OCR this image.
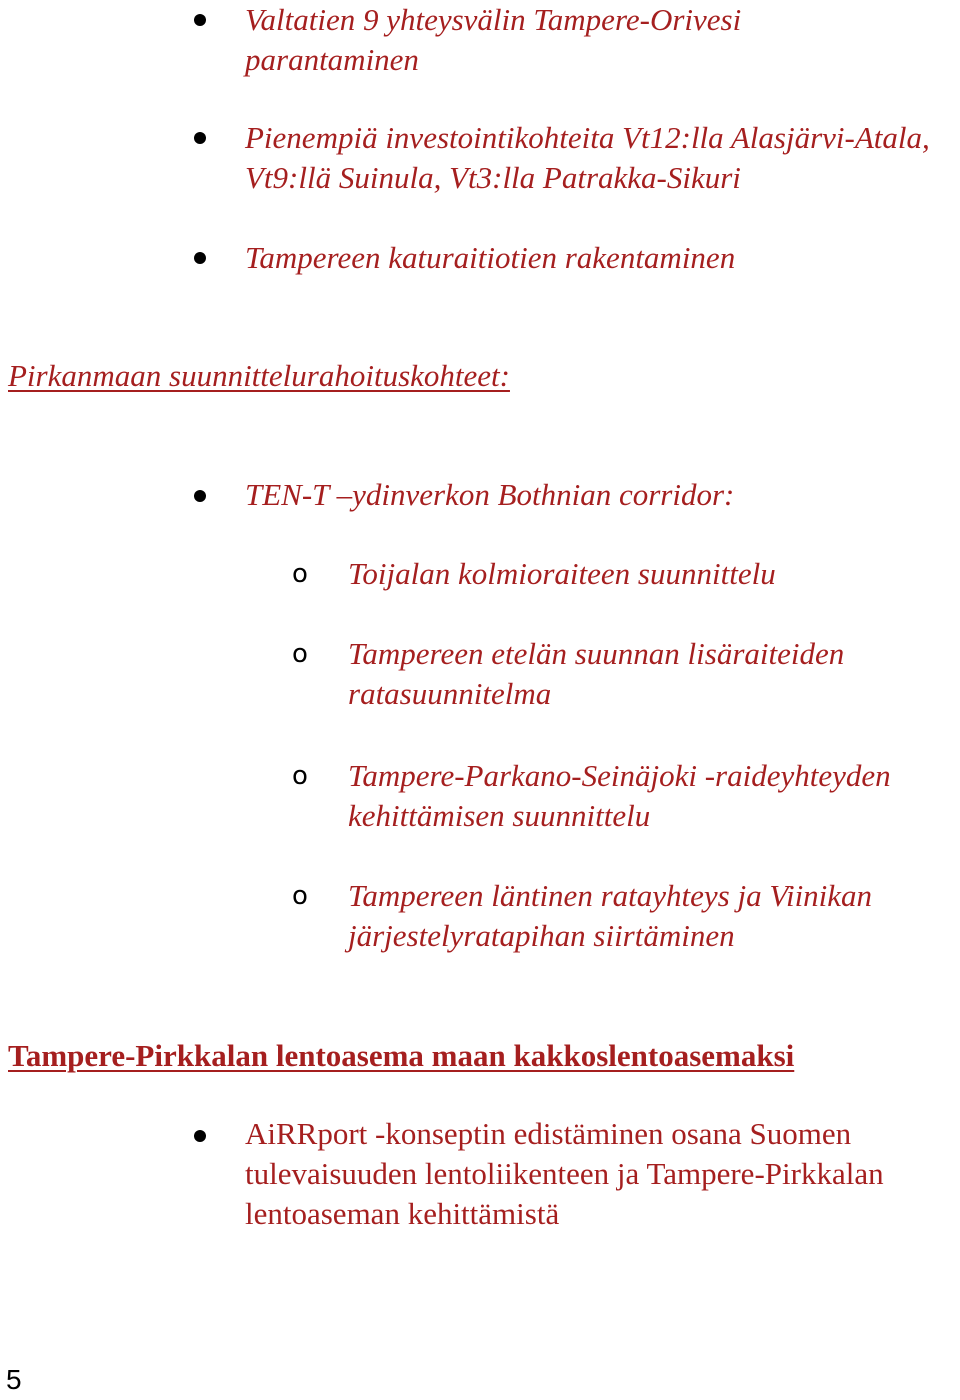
Valtatien 9 yhteysvälin Tampere-Orivesi parantaminen

Pienempiä investointikohteita Vt12:lla Alasjärvi-Atala, Vt9:llä Suinula, Vt3:lla Patrakka-Sikuri

Tampereen katuraitiotien rakentaminen

Pirkanmaan suunnittelurahoituskohteet:

TEN-T –ydinverkon Bothnian corridor:

o Toijalan kolmioraiteen suunnittelu

o Tampereen etelän suunnan lisäraiteiden ratasuunnitelma

o Tampere-Parkano-Seinäjoki -raideyhteyden kehittämisen suunnittelu

o Tampereen läntinen ratayhteys ja Viinikan järjestelyratapihan siirtäminen

Tampere-Pirkkalan lentoasema maan kakkoslentoasemaksi

AiRRport -konseptin edistäminen osana Suomen tulevaisuuden lentoliikenteen ja Tampere-Pirkkalan lentoaseman kehittämistä

5
